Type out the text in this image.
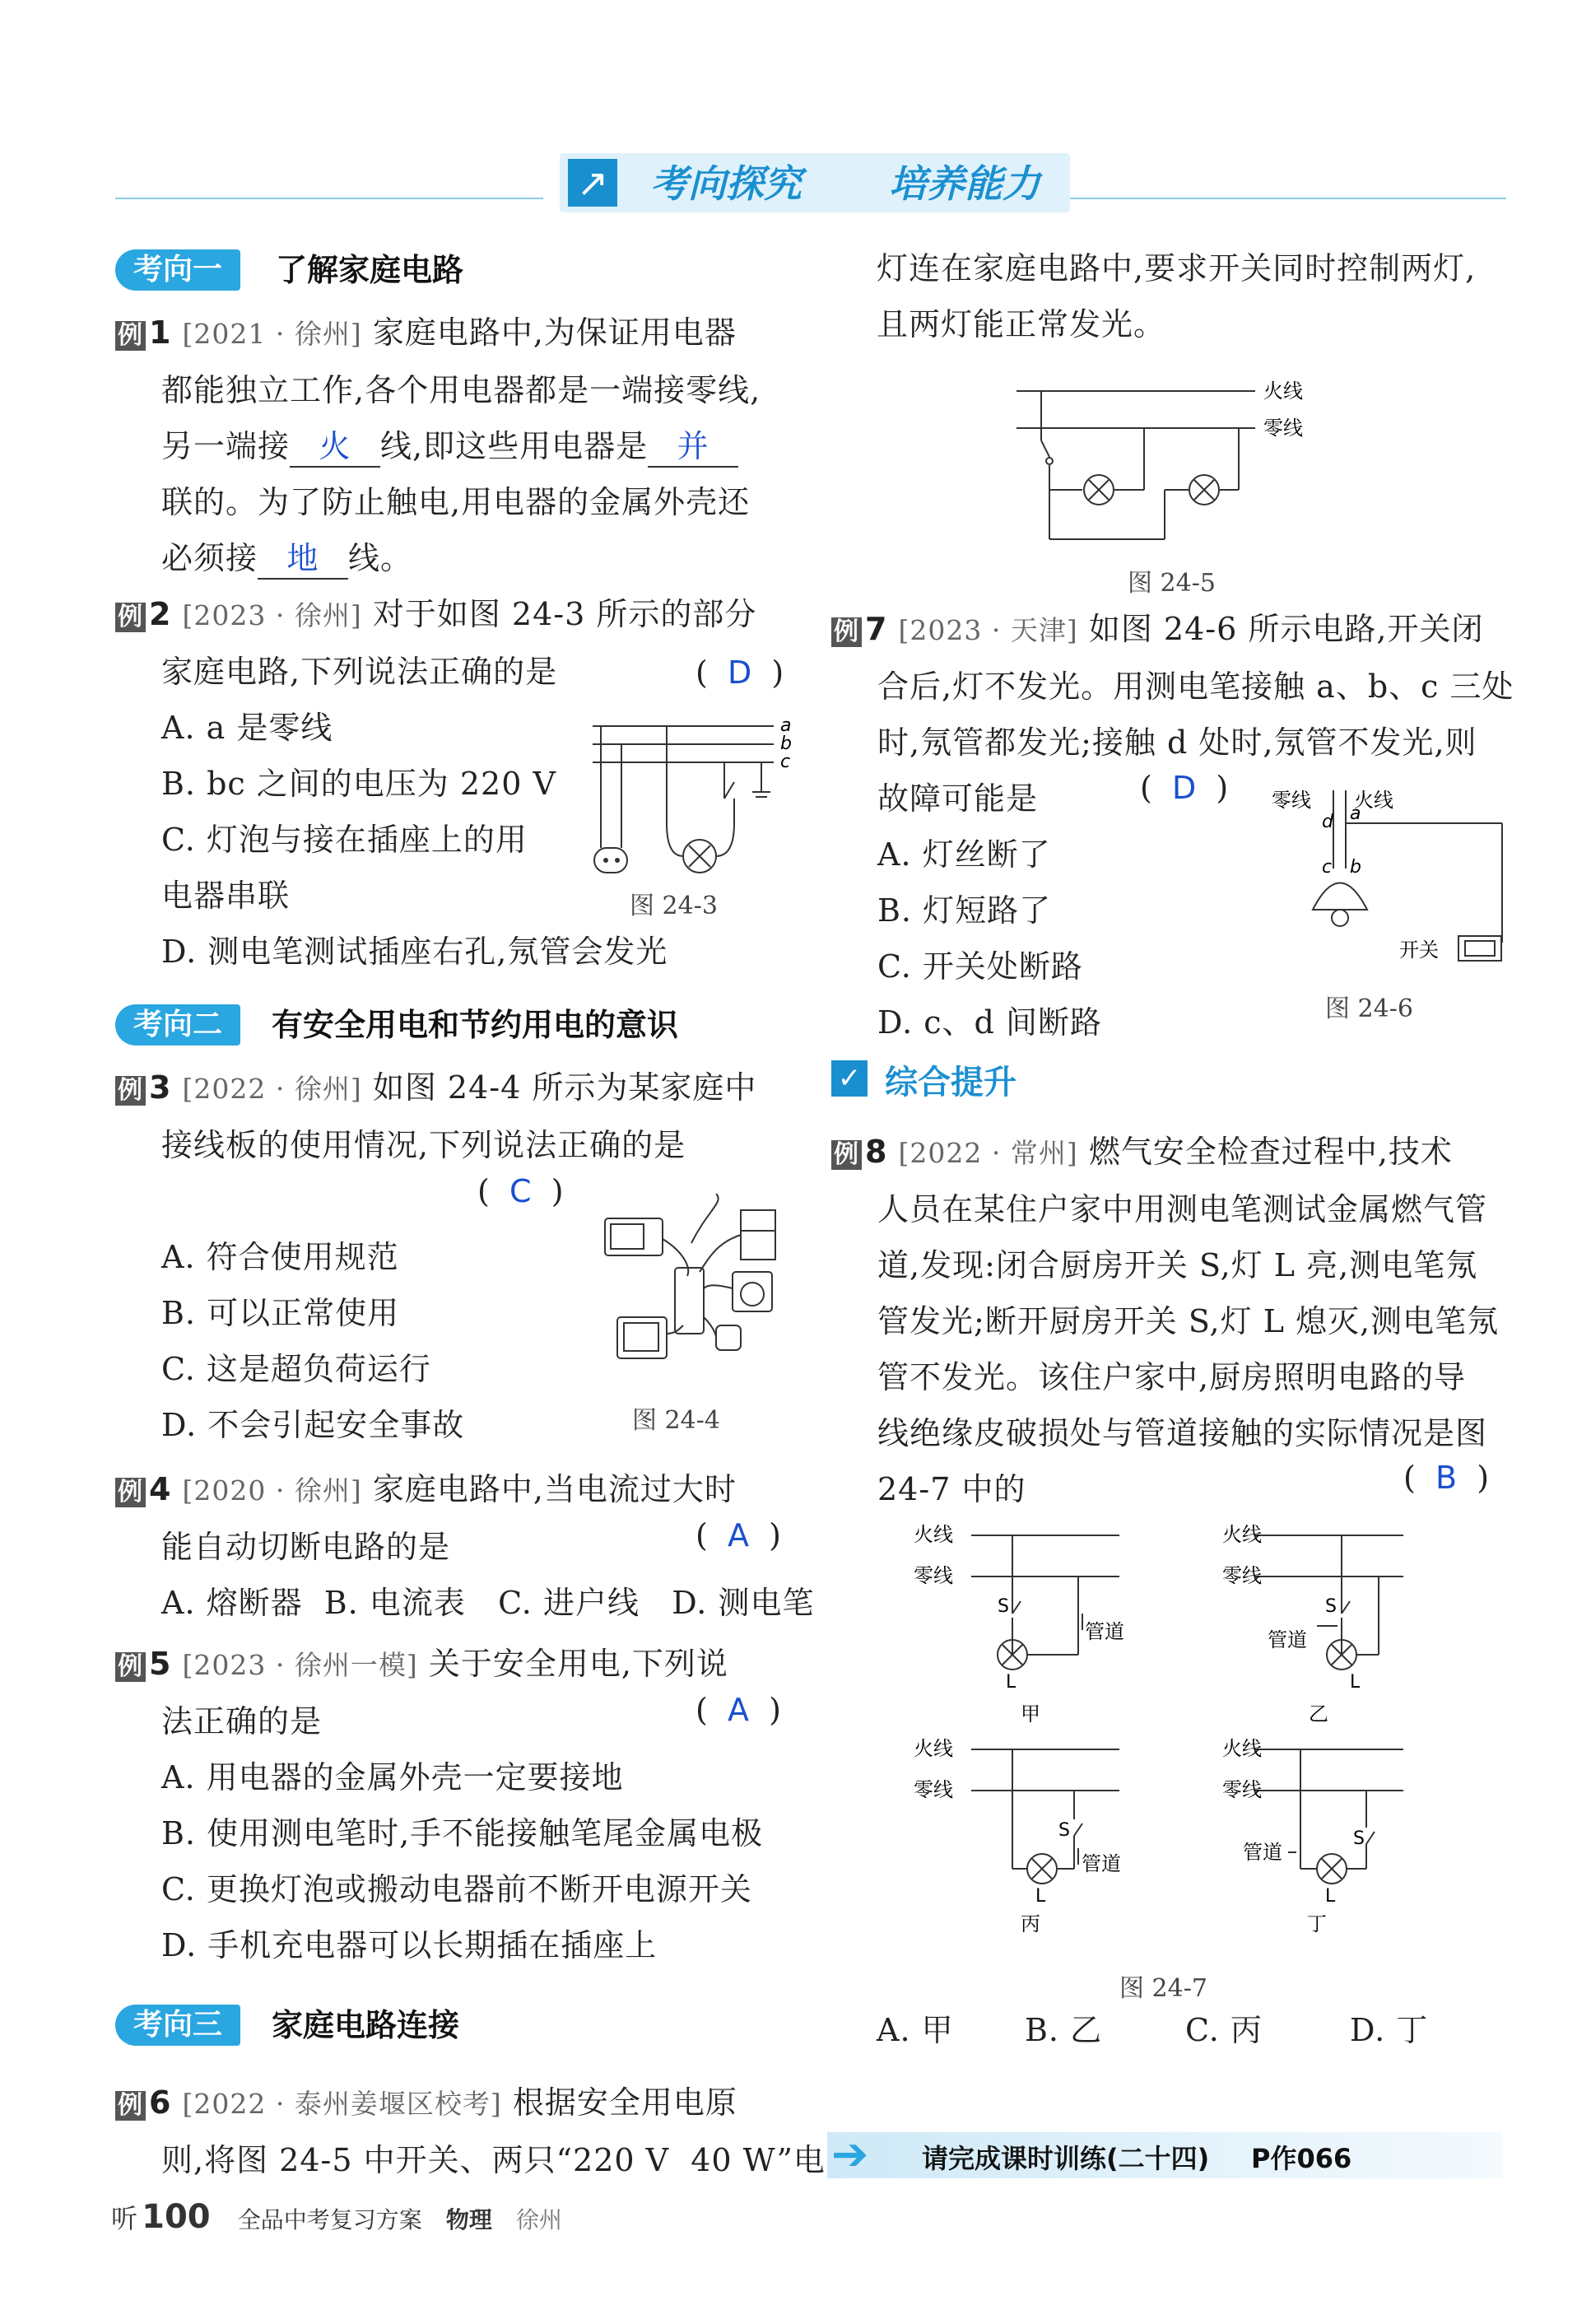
↗ 考向探究 培养能力
考向一	了解家庭电路
例 1 [2021 · 徐州] 家庭电路中,为保证用电器
都能独立工作,各个用电器都是一端接零线,
另一端接 火 线,即这些用电器是 并
联的。为了防止触电,用电器的金属外壳还
必须接 地 线。
例 2 [2023 · 徐州] 对于如图 24-3 所示的部分
家庭电路,下列说法正确的是
A. a 是零线
B. bc 之间的电压为 220 V
C. 灯泡与接在插座上的用
电器串联
D. 测电笔测试插座右孔,氖管会发光
(  D  )
a
b
c
图 24-3
考向二	有安全用电和节约用电的意识
例 3 [2022 · 徐州] 如图 24-4 所示为某家庭中
接线板的使用情况,下列说法正确的是
A. 符合使用规范
B. 可以正常使用
C. 这是超负荷运行
D. 不会引起安全事故
(  C  )
图 24-4
例 4 [2020 · 徐州] 家庭电路中,当电流过大时
能自动切断电路的是
A. 熔断器  B. 电流表   C. 进户线   D. 测电笔
(  A  )
例 5 [2023 · 徐州一模] 关于安全用电,下列说
法正确的是
A. 用电器的金属外壳一定要接地
B. 使用测电笔时,手不能接触笔尾金属电极
C. 更换灯泡或搬动电器前不断开电源开关
D. 手机充电器可以长期插在插座上
(  A  )
考向三	家庭电路连接
例 6 [2022 · 泰州姜堰区校考] 根据安全用电原
则,将图 24-5 中开关、两只“220 V  40 W”电
听 100 全品中考复习方案 物理 徐州
灯连在家庭电路中,要求开关同时控制两灯,
且两灯能正常发光。
火线
零线
图 24-5
例 7 [2023 · 天津] 如图 24-6 所示电路,开关闭
合后,灯不发光。用测电笔接触 a、b、c 三处
时,氖管都发光;接触 d 处时,氖管不发光,则
故障可能是
A. 灯丝断了
B. 灯短路了
C. 开关处断路
D. c、d 间断路
(  D  ) 零线 火线
d a
c b
开关
图 24-6
✓ 综合提升
例 8 [2022 · 常州] 燃气安全检查过程中,技术
人员在某住户家中用测电笔测试金属燃气管
道,发现:闭合厨房开关 S,灯 L 亮,测电笔氖
管发光;断开厨房开关 S,灯 L 熄灭,测电笔氖
管不发光。该住户家中,厨房照明电路的导
线绝缘皮破损处与管道接触的实际情况是图
24-7 中的	(  B  )
火线
零线
S
L
管道
甲
火线
零线
S
L
管道
乙
火线
零线
S
L
管道
丙
火线
零线
S
L
管道
丁
图 24-7
A. 甲 B. 乙	C. 丙	D. 丁
➔	请完成课时训练(二十四) P作066
